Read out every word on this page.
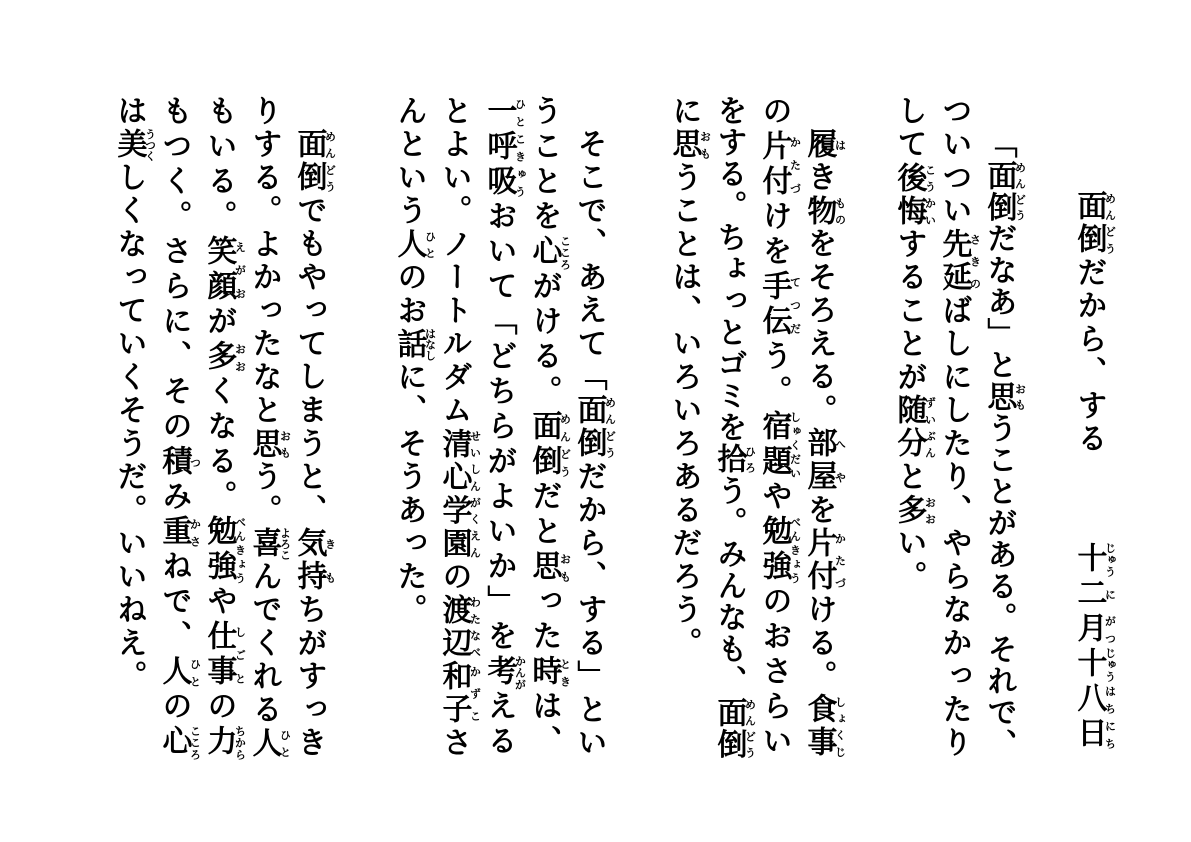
面倒めんどうだから、する
十じゅう二に月がつ十じゅう八はち日にち
「面倒めんどうだなあ」と思おもうことがある。それで、
ついつい先延さきのばしにしたり、やらなかったり
して後悔こうかいすることが随分ずいぶんと多おおい。
履はき物ものをそろえる。部屋へやを片付かたづける。食事しょくじ
の片付かたづけを手伝てつだう。宿題しゅくだいや勉強べんきょうのおさらい
をする。ちょっとゴミを拾ひろう。みんなも、面倒めんどう
に思おもうことは、いろいろあるだろう。
そこで、あえて「面倒めんどうだから、する」とい
うことを心こころがける。面倒めんどうだと思おもった時ときは、
一ひと呼吸こきゅうおいて「どちらがよいか」を考かんがえる
とよい。ノートルダム清心学園せいしんがくえんの渡辺わたなべ和子かずこさ
んという人ひとのお話はなしに、そうあった。
面倒めんどうでもやってしまうと、気持きもちがすっき
りする。よかったなと思おもう。喜よろこんでくれる人ひと
もいる。笑顔えがおが多おおくなる。勉強べんきょうや仕事しごとの力ちから
もつく。さらに、その積つみ重かさねで、人ひとの心こころ
は美うつくしくなっていくそうだ。いいねえ。
